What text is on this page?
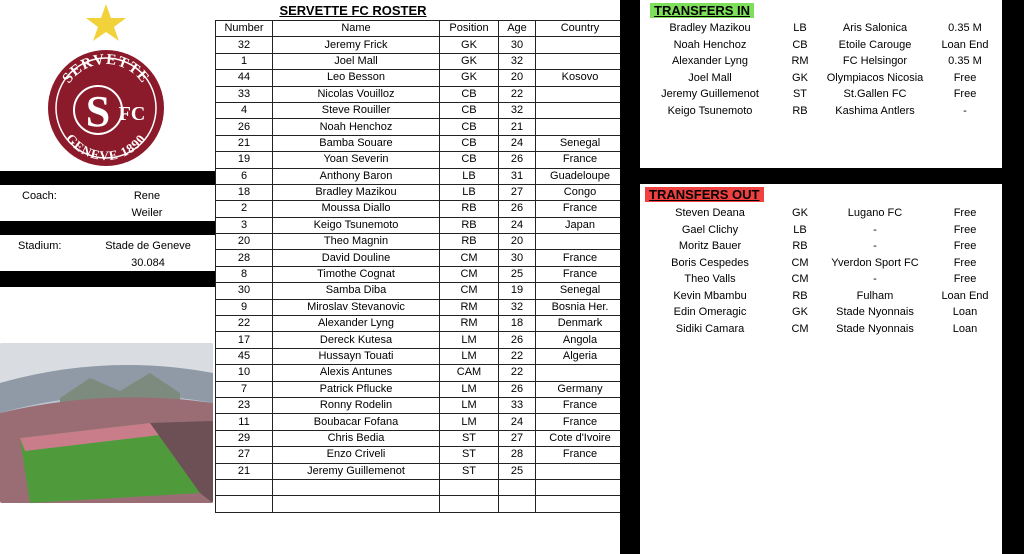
SERVETTE
GENEVE 1890
S FC
Coach:	Rene
Weiler
Stadium:	Stade de Geneve
30.084
SERVETTE FC ROSTER
Number	Name	Position	Age	Country
32	Jeremy Frick	GK	30	
1	Joel Mall	GK	32	
44	Leo Besson	GK	20	Kosovo
33	Nicolas Vouilloz	CB	22	
4	Steve Rouiller	CB	32	
26	Noah Henchoz	CB	21	
21	Bamba Souare	CB	24	Senegal
19	Yoan Severin	CB	26	France
6	Anthony Baron	LB	31	Guadeloupe
18	Bradley Mazikou	LB	27	Congo
2	Moussa Diallo	RB	26	France
3	Keigo Tsunemoto	RB	24	Japan
20	Theo Magnin	RB	20	
28	David Douline	CM	30	France
8	Timothe Cognat	CM	25	France
30	Samba Diba	CM	19	Senegal
9	Miroslav Stevanovic	RM	32	Bosnia Her.
22	Alexander Lyng	RM	18	Denmark
17	Dereck Kutesa	LM	26	Angola
45	Hussayn Touati	LM	22	Algeria
10	Alexis Antunes	CAM	22	
7	Patrick Pflucke	LM	26	Germany
23	Ronny Rodelin	LM	33	France
11	Boubacar Fofana	LM	24	France
29	Chris Bedia	ST	27	Cote d'Ivoire
27	Enzo Criveli	ST	28	France
21	Jeremy Guillemenot	ST	25	

TRANSFERS IN
Bradley Mazikou	LB	Aris Salonica	0.35 M
Noah Henchoz	CB	Etoile Carouge	Loan End
Alexander Lyng	RM	FC Helsingor	0.35 M
Joel Mall	GK	Olympiacos Nicosia	Free
Jeremy Guillemenot	ST	St.Gallen FC	Free
Keigo Tsunemoto	RB	Kashima Antlers	-
TRANSFERS OUT
Steven Deana	GK	Lugano FC	Free
Gael Clichy	LB	-	Free
Moritz Bauer	RB	-	Free
Boris Cespedes	CM	Yverdon Sport FC	Free
Theo Valls	CM	-	Free
Kevin Mbambu	RB	Fulham	Loan End
Edin Omeragic	GK	Stade Nyonnais	Loan
Sidiki Camara	CM	Stade Nyonnais	Loan
